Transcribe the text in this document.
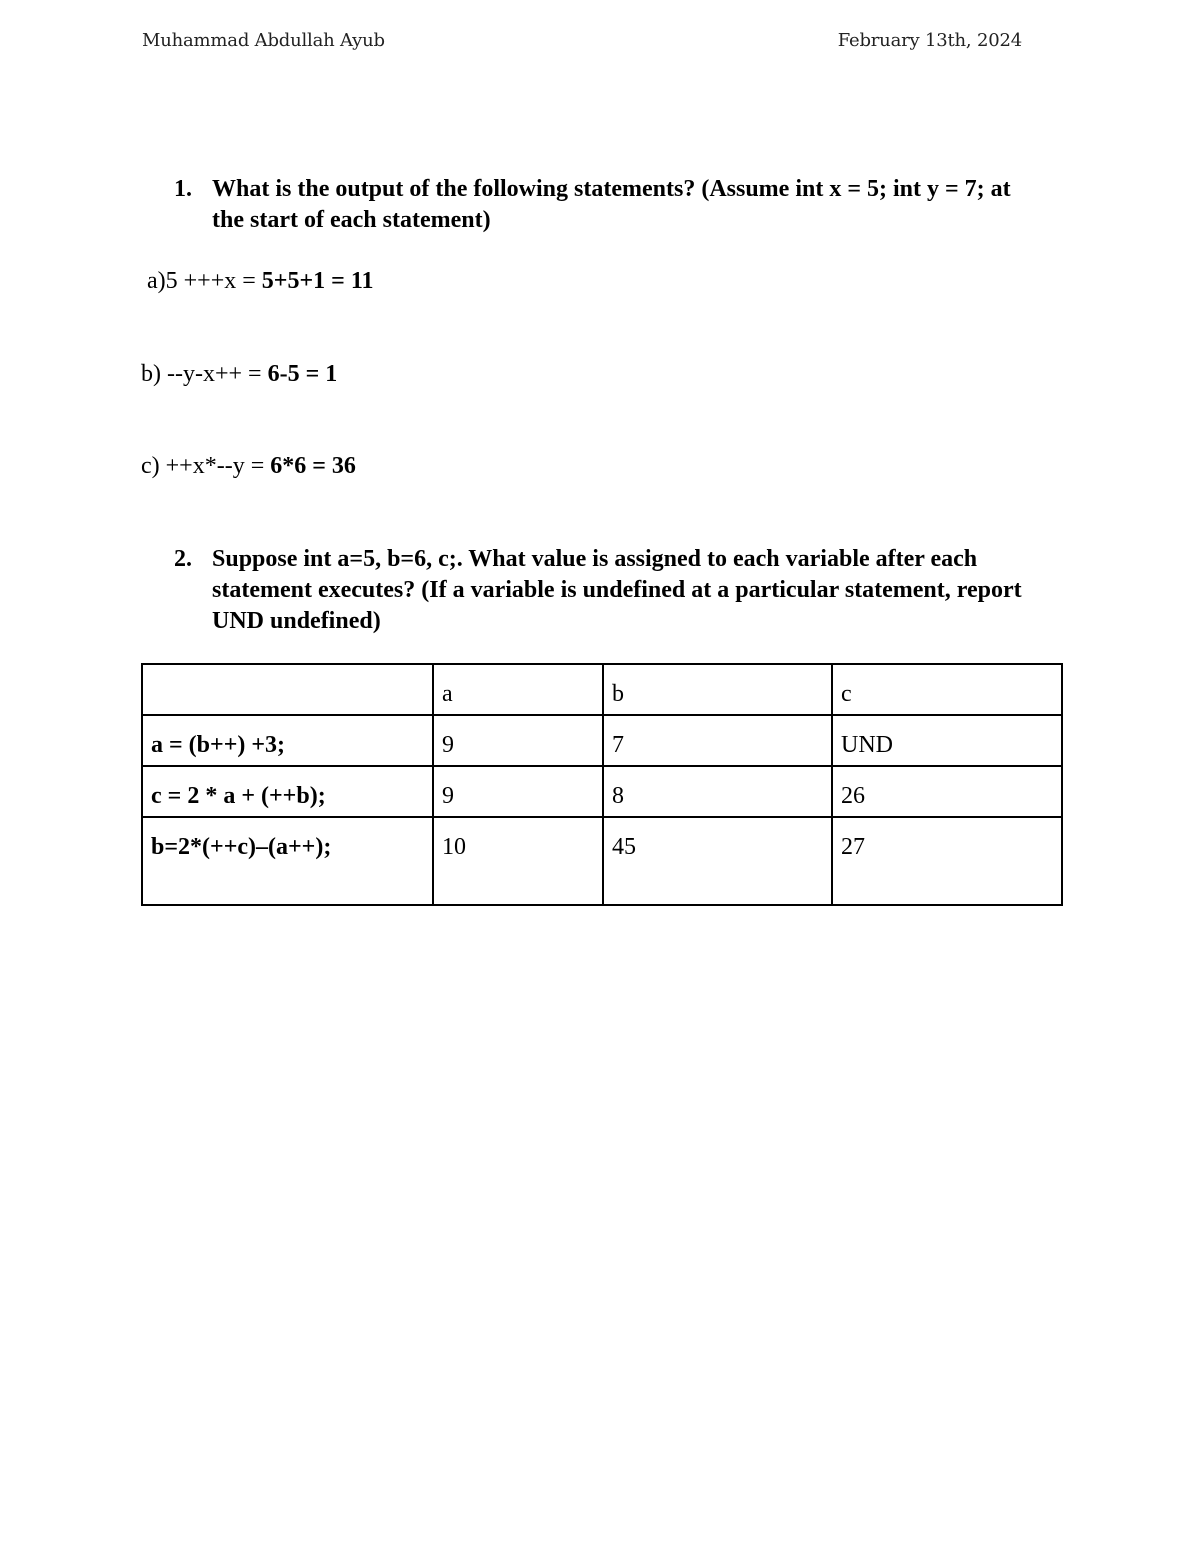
Muhammad Abdullah Ayub	February 13th, 2024
1. What is the output of the following statements? (Assume int x = 5; int y = 7; at the start of each statement)
a)5 +++x = 5+5+1 = 11
b) --y-x++ = 6-5 = 1
c) ++x*--y = 6*6 = 36
2. Suppose int a=5, b=6, c;. What value is assigned to each variable after each statement executes? (If a variable is undefined at a particular statement, report UND undefined)
	a	b	c
a = (b++) +3;	9	7	UND
c = 2 * a + (++b);	9	8	26
b=2*(++c)–(a++);	10	45	27
